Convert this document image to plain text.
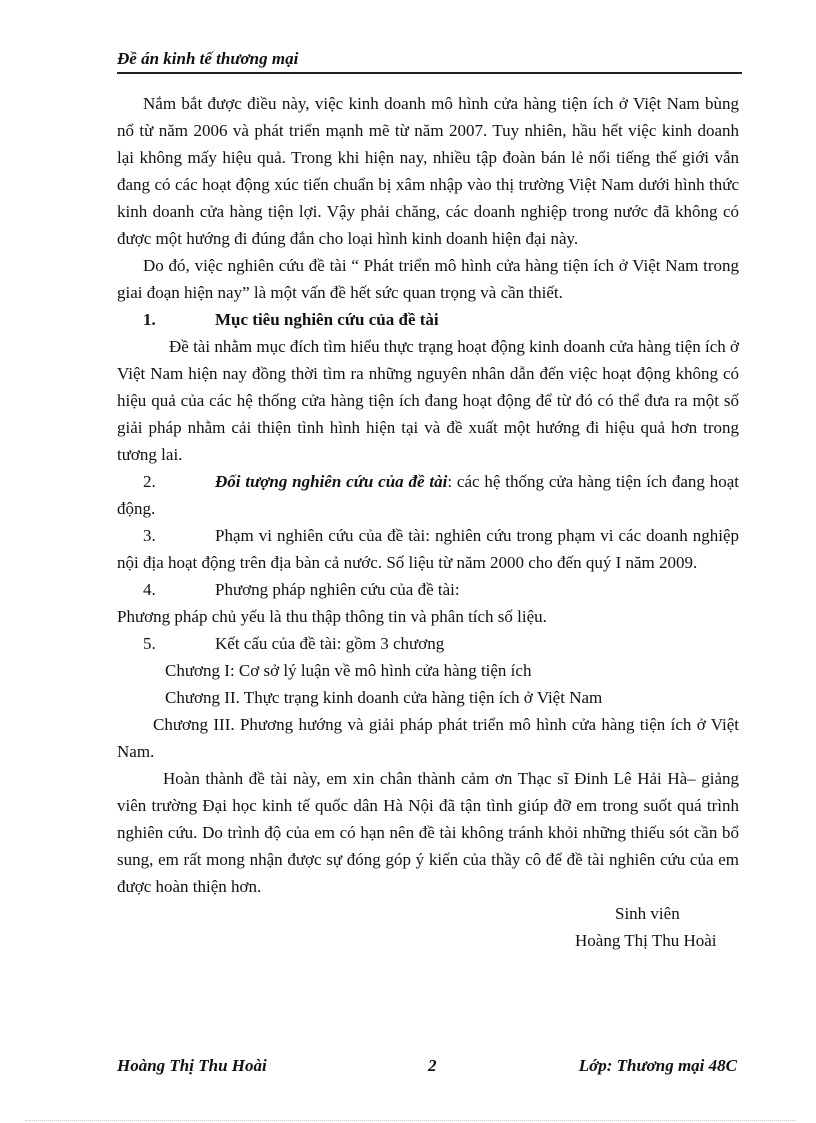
Đề án kinh tế thương mại

Nắm bắt được điều này, việc kinh doanh mô hình cửa hàng tiện ích ở Việt Nam bùng nổ từ năm 2006 và phát triển mạnh mẽ từ năm 2007. Tuy nhiên, hầu hết việc kinh doanh lại không mấy hiệu quả. Trong khi hiện nay, nhiều tập đoàn bán lẻ nổi tiếng thế giới vẫn đang có các hoạt động xúc tiến chuẩn bị xâm nhập vào thị trường Việt Nam dưới hình thức kinh doanh cửa hàng tiện lợi. Vậy phải chăng, các doanh nghiệp trong nước đã không có được một hướng đi đúng đắn cho loại hình kinh doanh hiện đại này.

Do đó, việc nghiên cứu đề tài “ Phát triển mô hình cửa hàng tiện ích ở Việt Nam trong giai đoạn hiện nay” là một vấn đề hết sức quan trọng và cần thiết.

1.	Mục tiêu nghiên cứu của đề tài

Đề tài nhằm mục đích tìm hiểu thực trạng hoạt động kinh doanh cửa hàng tiện ích ở Việt Nam hiện nay đồng thời tìm ra những nguyên nhân dẫn đến việc hoạt động không có hiệu quả của các hệ thống cửa hàng tiện ích đang hoạt động để từ đó có thể đưa ra một số giải pháp nhằm cải thiện tình hình hiện tại và đề xuất một hướng đi hiệu quả hơn trong tương lai.

2.	Đối tượng nghiên cứu của đề tài: các hệ thống cửa hàng tiện ích đang hoạt động.

3.	Phạm vi nghiên cứu của đề tài: nghiên cứu trong phạm vi các doanh nghiệp nội địa hoạt động trên địa bàn cả nước. Số liệu từ năm 2000 cho đến quý I năm 2009.

4.	Phương pháp nghiên cứu của đề tài:

Phương pháp chủ yếu là thu thập thông tin và phân tích số liệu.

5.	Kết cấu của đề tài: gồm 3 chương

Chương I: Cơ sở lý luận về mô hình cửa hàng tiện ích

Chương II. Thực trạng kinh doanh cửa hàng tiện ích ở Việt Nam

Chương III. Phương hướng và giải pháp phát triển mô hình cửa hàng tiện ích ở Việt Nam.

Hoàn thành đề tài này, em xin chân thành cảm ơn Thạc sĩ Đinh Lê Hải Hà– giảng viên trường Đại học kinh tế quốc dân Hà Nội đã tận tình giúp đỡ em trong suốt quá trình nghiên cứu. Do trình độ của em có hạn nên đề tài không tránh khỏi những thiếu sót cần bổ sung, em rất mong nhận được sự đóng góp ý kiến của thầy cô để đề tài nghiên cứu của em được hoàn thiện hơn.

Sinh viên

Hoàng Thị Thu Hoài

Hoàng Thị Thu Hoài	2	Lớp: Thương mại 48C
